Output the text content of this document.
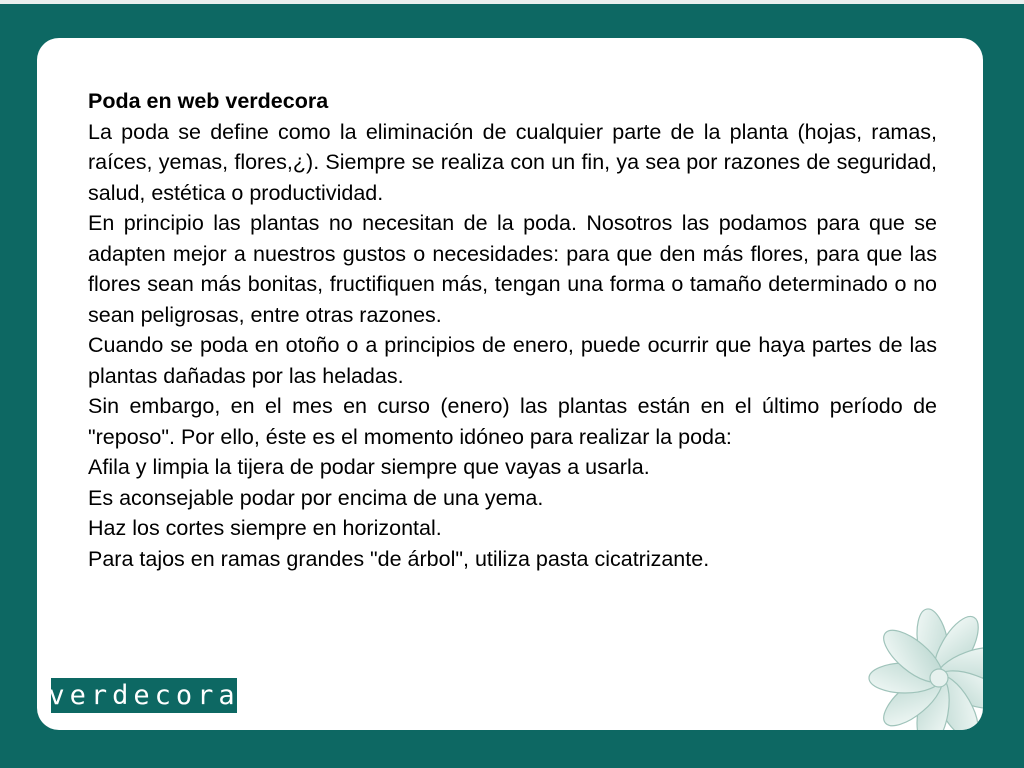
Poda en web verdecora

La poda se define como la eliminación de cualquier parte de la planta (hojas, ramas, raíces, yemas, flores,¿). Siempre se realiza con un fin, ya sea por razones de seguridad, salud, estética o productividad.

En principio las plantas no necesitan de la poda. Nosotros las podamos para que se adapten mejor a nuestros gustos o necesidades: para que den más flores, para que las flores sean más bonitas, fructifiquen más, tengan una forma o tamaño determinado o no sean peligrosas, entre otras razones.

Cuando se poda en otoño o a principios de enero, puede ocurrir que haya partes de las plantas dañadas por las heladas.

Sin embargo, en el mes en curso (enero) las plantas están en el último período de "reposo". Por ello, éste es el momento idóneo para realizar la poda:

Afila y limpia la tijera de podar siempre que vayas a usarla.

Es aconsejable podar por encima de una yema.

Haz los cortes siempre en horizontal.

Para tajos en ramas grandes "de árbol", utiliza pasta cicatrizante.

verdecora
